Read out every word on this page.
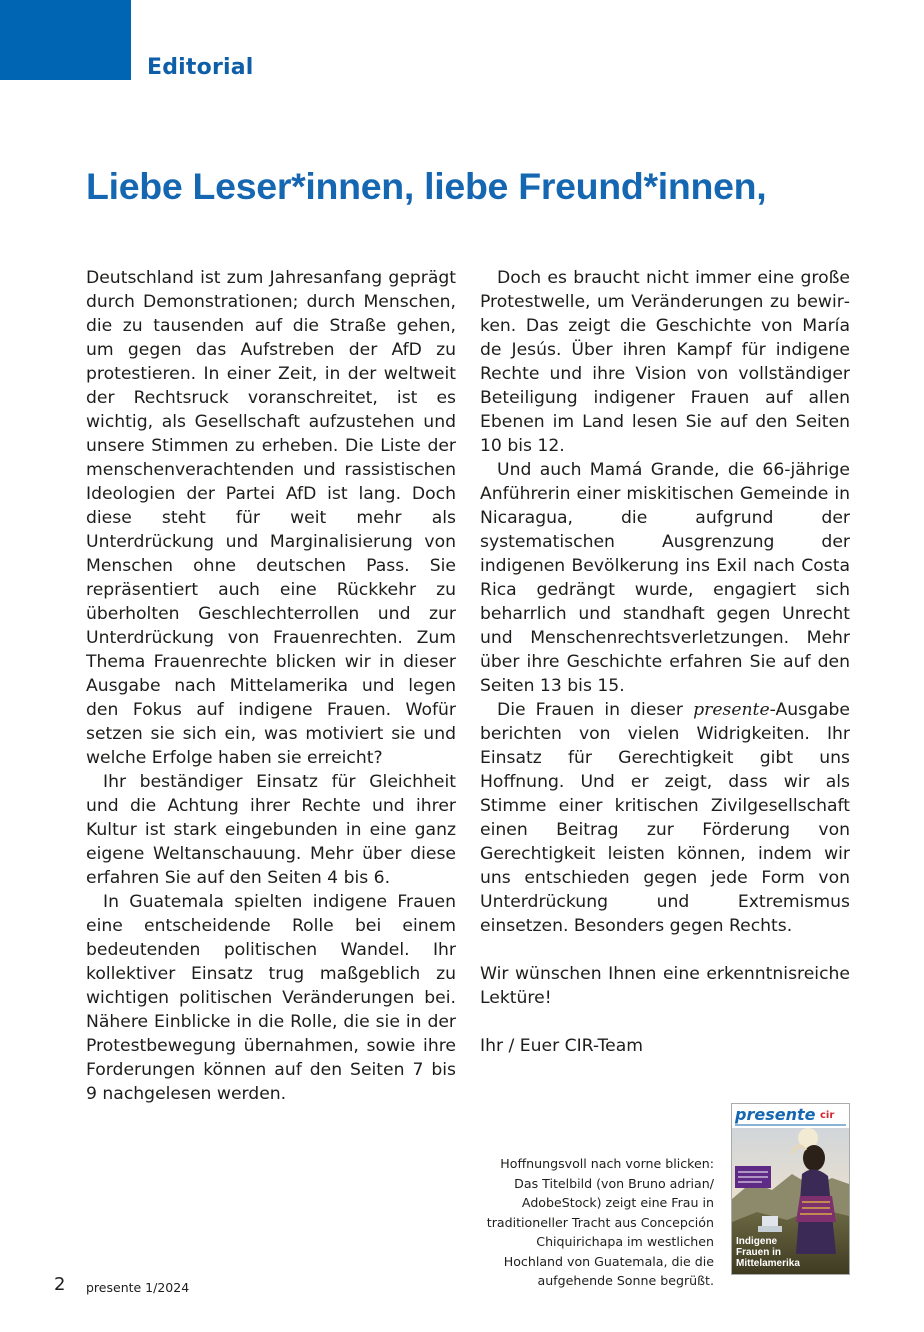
Editorial
Liebe Leser*innen, liebe Freund*innen,

Deutschland ist zum Jahresanfang geprägt durch Demonstrationen; durch Menschen, die zu tausenden auf die Straße gehen, um gegen das Aufstreben der AfD zu protestieren. In einer Zeit, in der weltweit der Rechtsruck voranschreitet, ist es wichtig, als Gesellschaft aufzustehen und unsere Stimmen zu erheben. Die Liste der menschenverachtenden und rassistischen Ideologien der Partei AfD ist lang. Doch diese steht für weit mehr als Unterdrückung und Marginalisierung von Menschen ohne deutschen Pass. Sie repräsentiert auch eine Rückkehr zu überholten Geschlechterrollen und zur Unterdrückung von Frauenrechten. Zum Thema Frauenrechte blicken wir in dieser Ausgabe nach Mittelamerika und legen den Fokus auf indigene Frauen. Wofür setzen sie sich ein, was motiviert sie und welche Erfolge haben sie erreicht?

Ihr beständiger Einsatz für Gleichheit und die Achtung ihrer Rechte und ihrer Kultur ist stark eingebunden in eine ganz eigene Weltanschauung. Mehr über diese erfahren Sie auf den Seiten 4 bis 6.

In Guatemala spielten indigene Frauen eine entscheidende Rolle bei einem bedeutenden politischen Wandel. Ihr kollektiver Einsatz trug maßgeblich zu wichtigen politischen Veränderungen bei. Nähere Einblicke in die Rolle, die sie in der Protestbewegung übernahmen, sowie ihre Forderungen können auf den Seiten 7 bis 9 nachgelesen werden.

Doch es braucht nicht immer eine große Protestwelle, um Veränderungen zu bewirken. Das zeigt die Geschichte von María de Jesús. Über ihren Kampf für indigene Rechte und ihre Vision von vollständiger Beteiligung indigener Frauen auf allen Ebenen im Land lesen Sie auf den Seiten 10 bis 12.

Und auch Mamá Grande, die 66-jährige Anführerin einer miskitischen Gemeinde in Nicaragua, die aufgrund der systematischen Ausgrenzung der indigenen Bevölkerung ins Exil nach Costa Rica gedrängt wurde, engagiert sich beharrlich und standhaft gegen Unrecht und Menschenrechtsverletzungen. Mehr über ihre Geschichte erfahren Sie auf den Seiten 13 bis 15.

Die Frauen in dieser presente-Ausgabe berichten von vielen Widrigkeiten. Ihr Einsatz für Gerechtigkeit gibt uns Hoffnung. Und er zeigt, dass wir als Stimme einer kritischen Zivilgesellschaft einen Beitrag zur Förderung von Gerechtigkeit leisten können, indem wir uns entschieden gegen jede Form von Unterdrückung und Extremismus einsetzen. Besonders gegen Rechts.

Wir wünschen Ihnen eine erkenntnisreiche Lektüre!

Ihr / Euer CIR-Team

Hoffnungsvoll nach vorne blicken:
Das Titelbild (von Bruno adrian/
AdobeStock) zeigt eine Frau in
traditioneller Tracht aus Concepción
Chiquirichapa im westlichen
Hochland von Guatemala, die die
aufgehende Sonne begrüßt.
presente cir
Indigene
Frauen in
Mittelamerika
2 presente 1/2024
